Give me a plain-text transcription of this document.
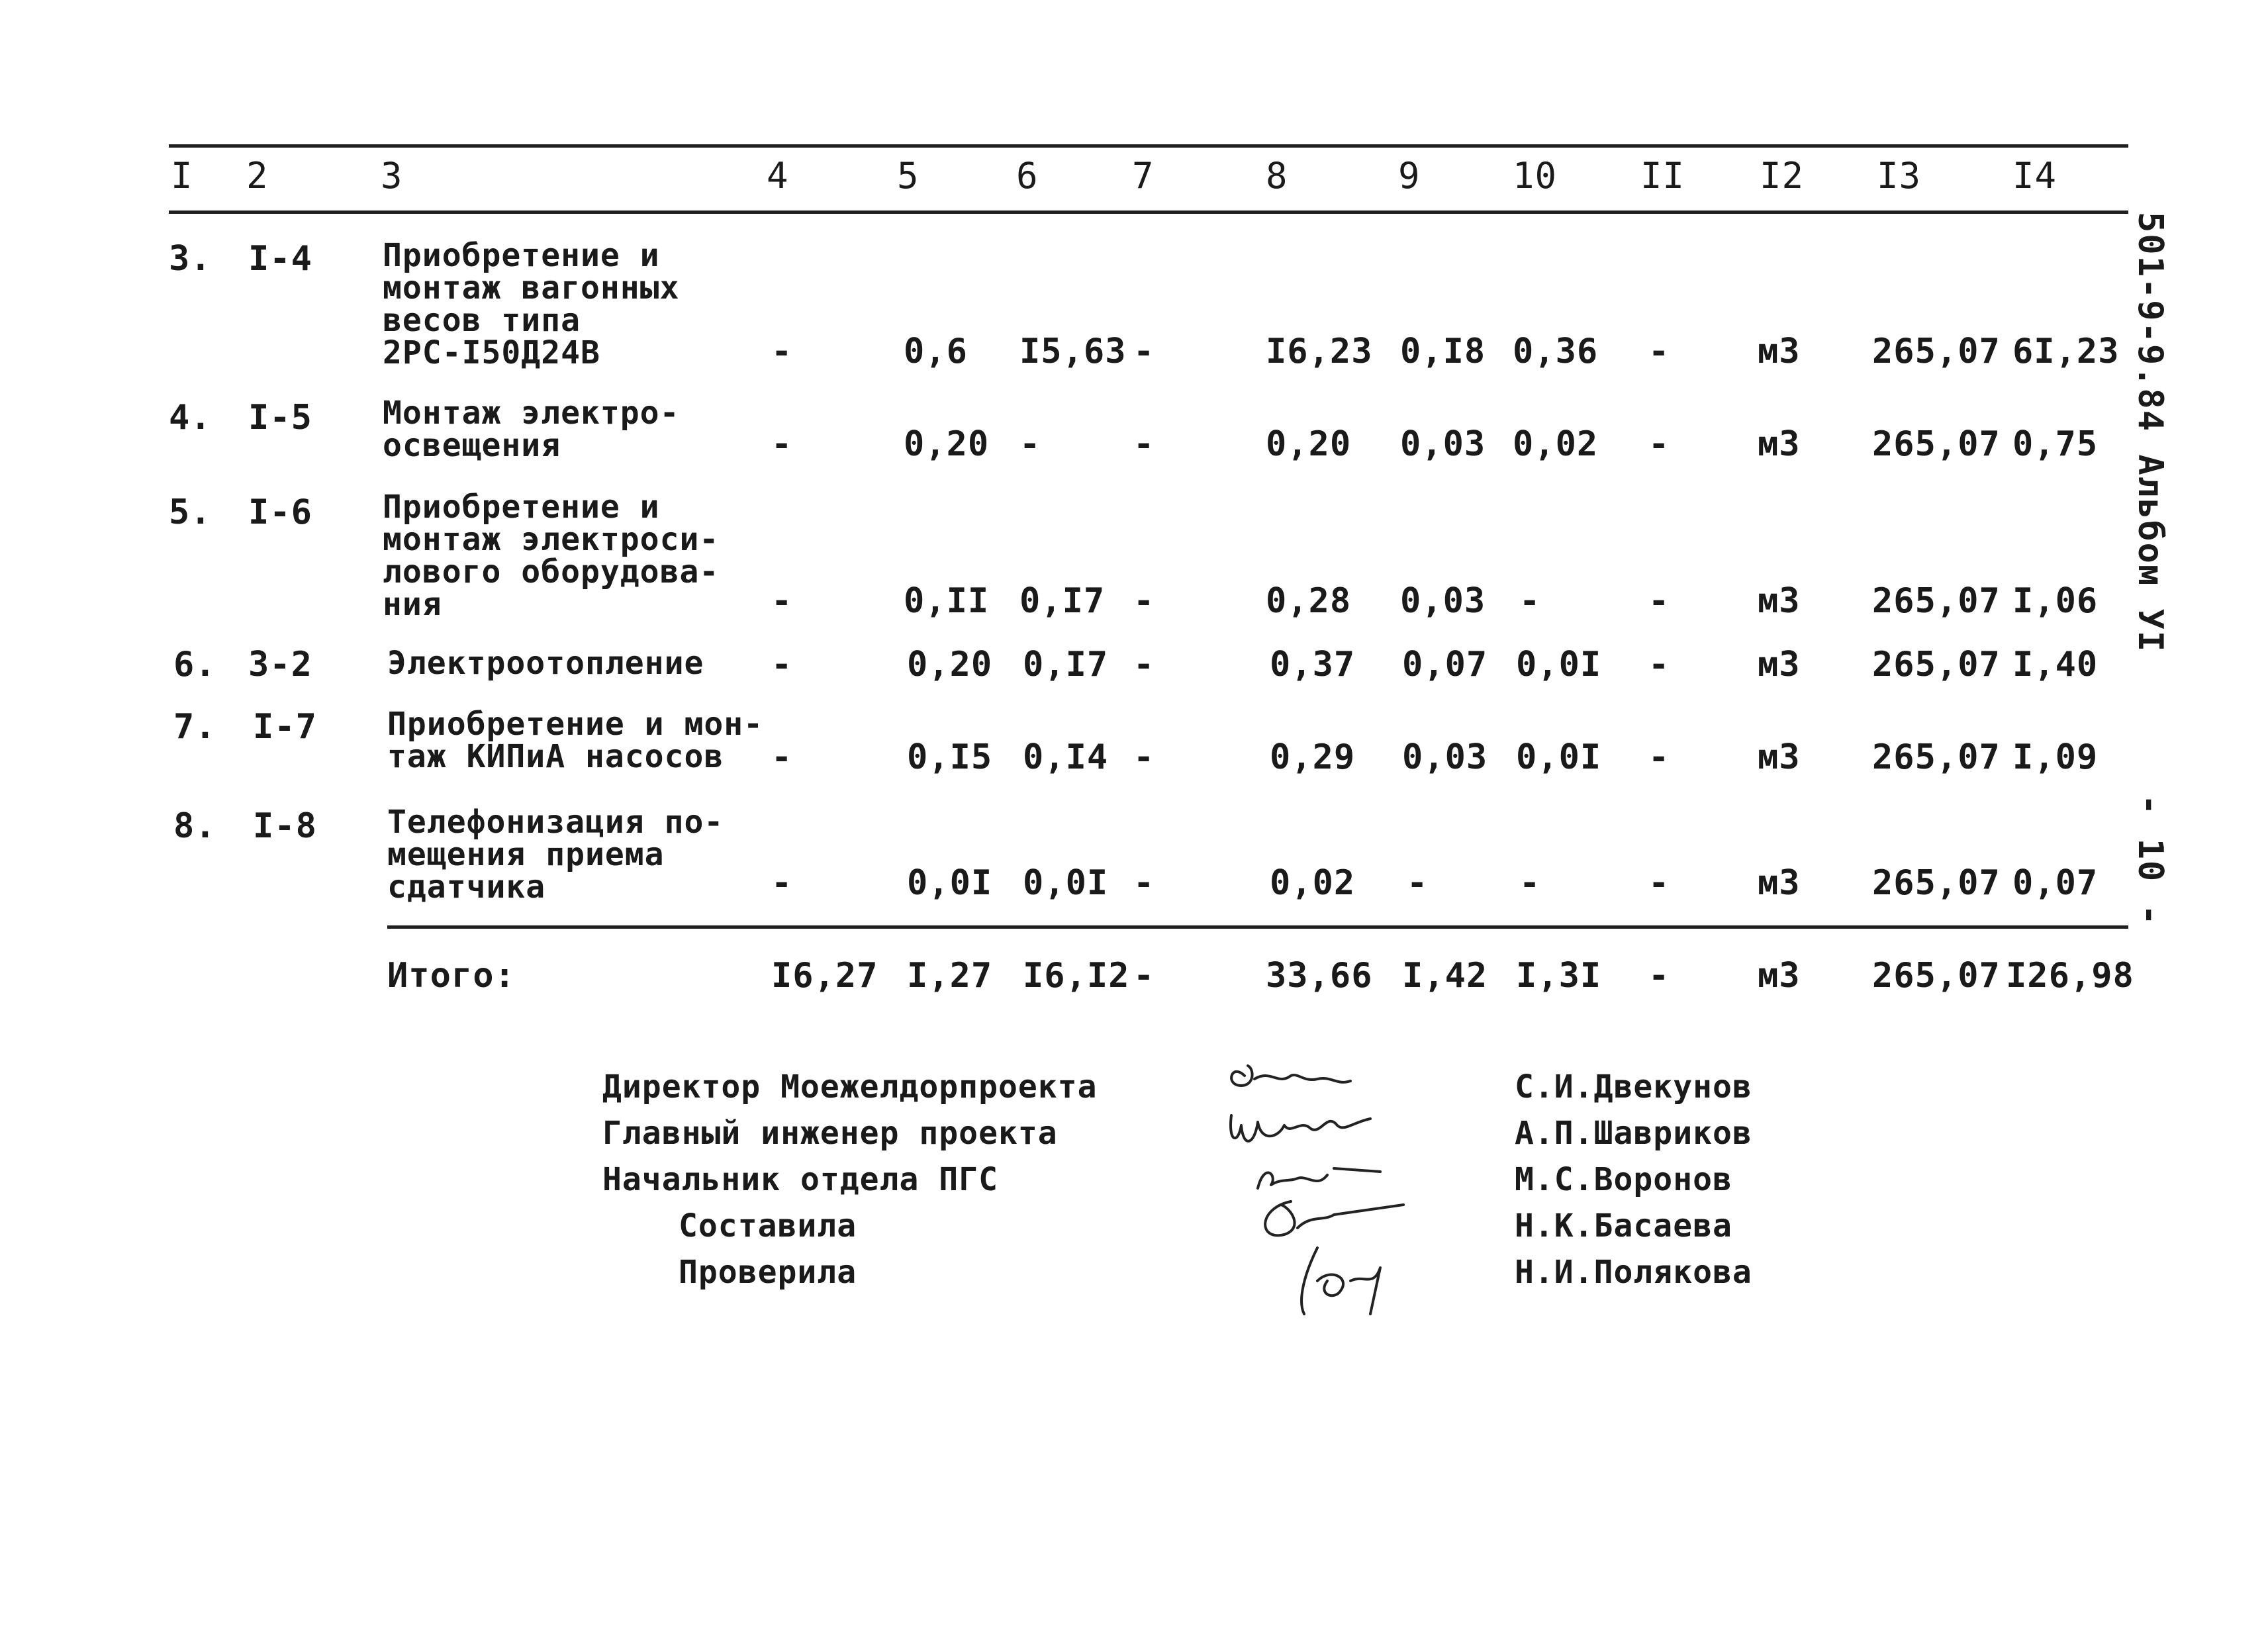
I 2	3	4	5	6	7	8	9	10 II I2 I3	I4
3. I-4 Приобретение и
монтаж вагонных
весов типа
2РС-I50Д24В	-	0,6 I5,63 -	I6,23 0,I8 0,36 -	м3 265,07 6I,23
4. I-5 Монтаж электро-
освещения	-	0,20 -	-	0,20 0,03 0,02 -	м3 265,07 0,75
5. I-6 Приобретение и
монтаж электроси-
лового оборудова-
ния	-	0,II 0,I7 -	0,28 0,03 -	-	м3 265,07 I,06
6. 3-2 Электроотопление -	0,20 0,I7 -	0,37 0,07 0,0I -	м3 265,07 I,40
7. I-7 Приобретение и мон-
таж КИПиА насосов	-	0,I5 0,I4 -	0,29 0,03 0,0I -	м3 265,07 I,09
8. I-8 Телефонизация по-
мещения приема
сдатчика	-	0,0I 0,0I -	0,02 -	-	-	м3 265,07 0,07
Итого:	I6,27 I,27 I6,I2 -	33,66 I,42 I,3I -	м3 265,07 I26,98
501-9-9.84 Альбом УI
- 10 -
Директор Моежелдорпроекта	С.И.Двекунов
Главный инженер проекта	А.П.Шавриков
Начальник отдела ПГС	М.С.Воронов
Составила	Н.К.Басаева
Проверила	Н.И.Полякова
